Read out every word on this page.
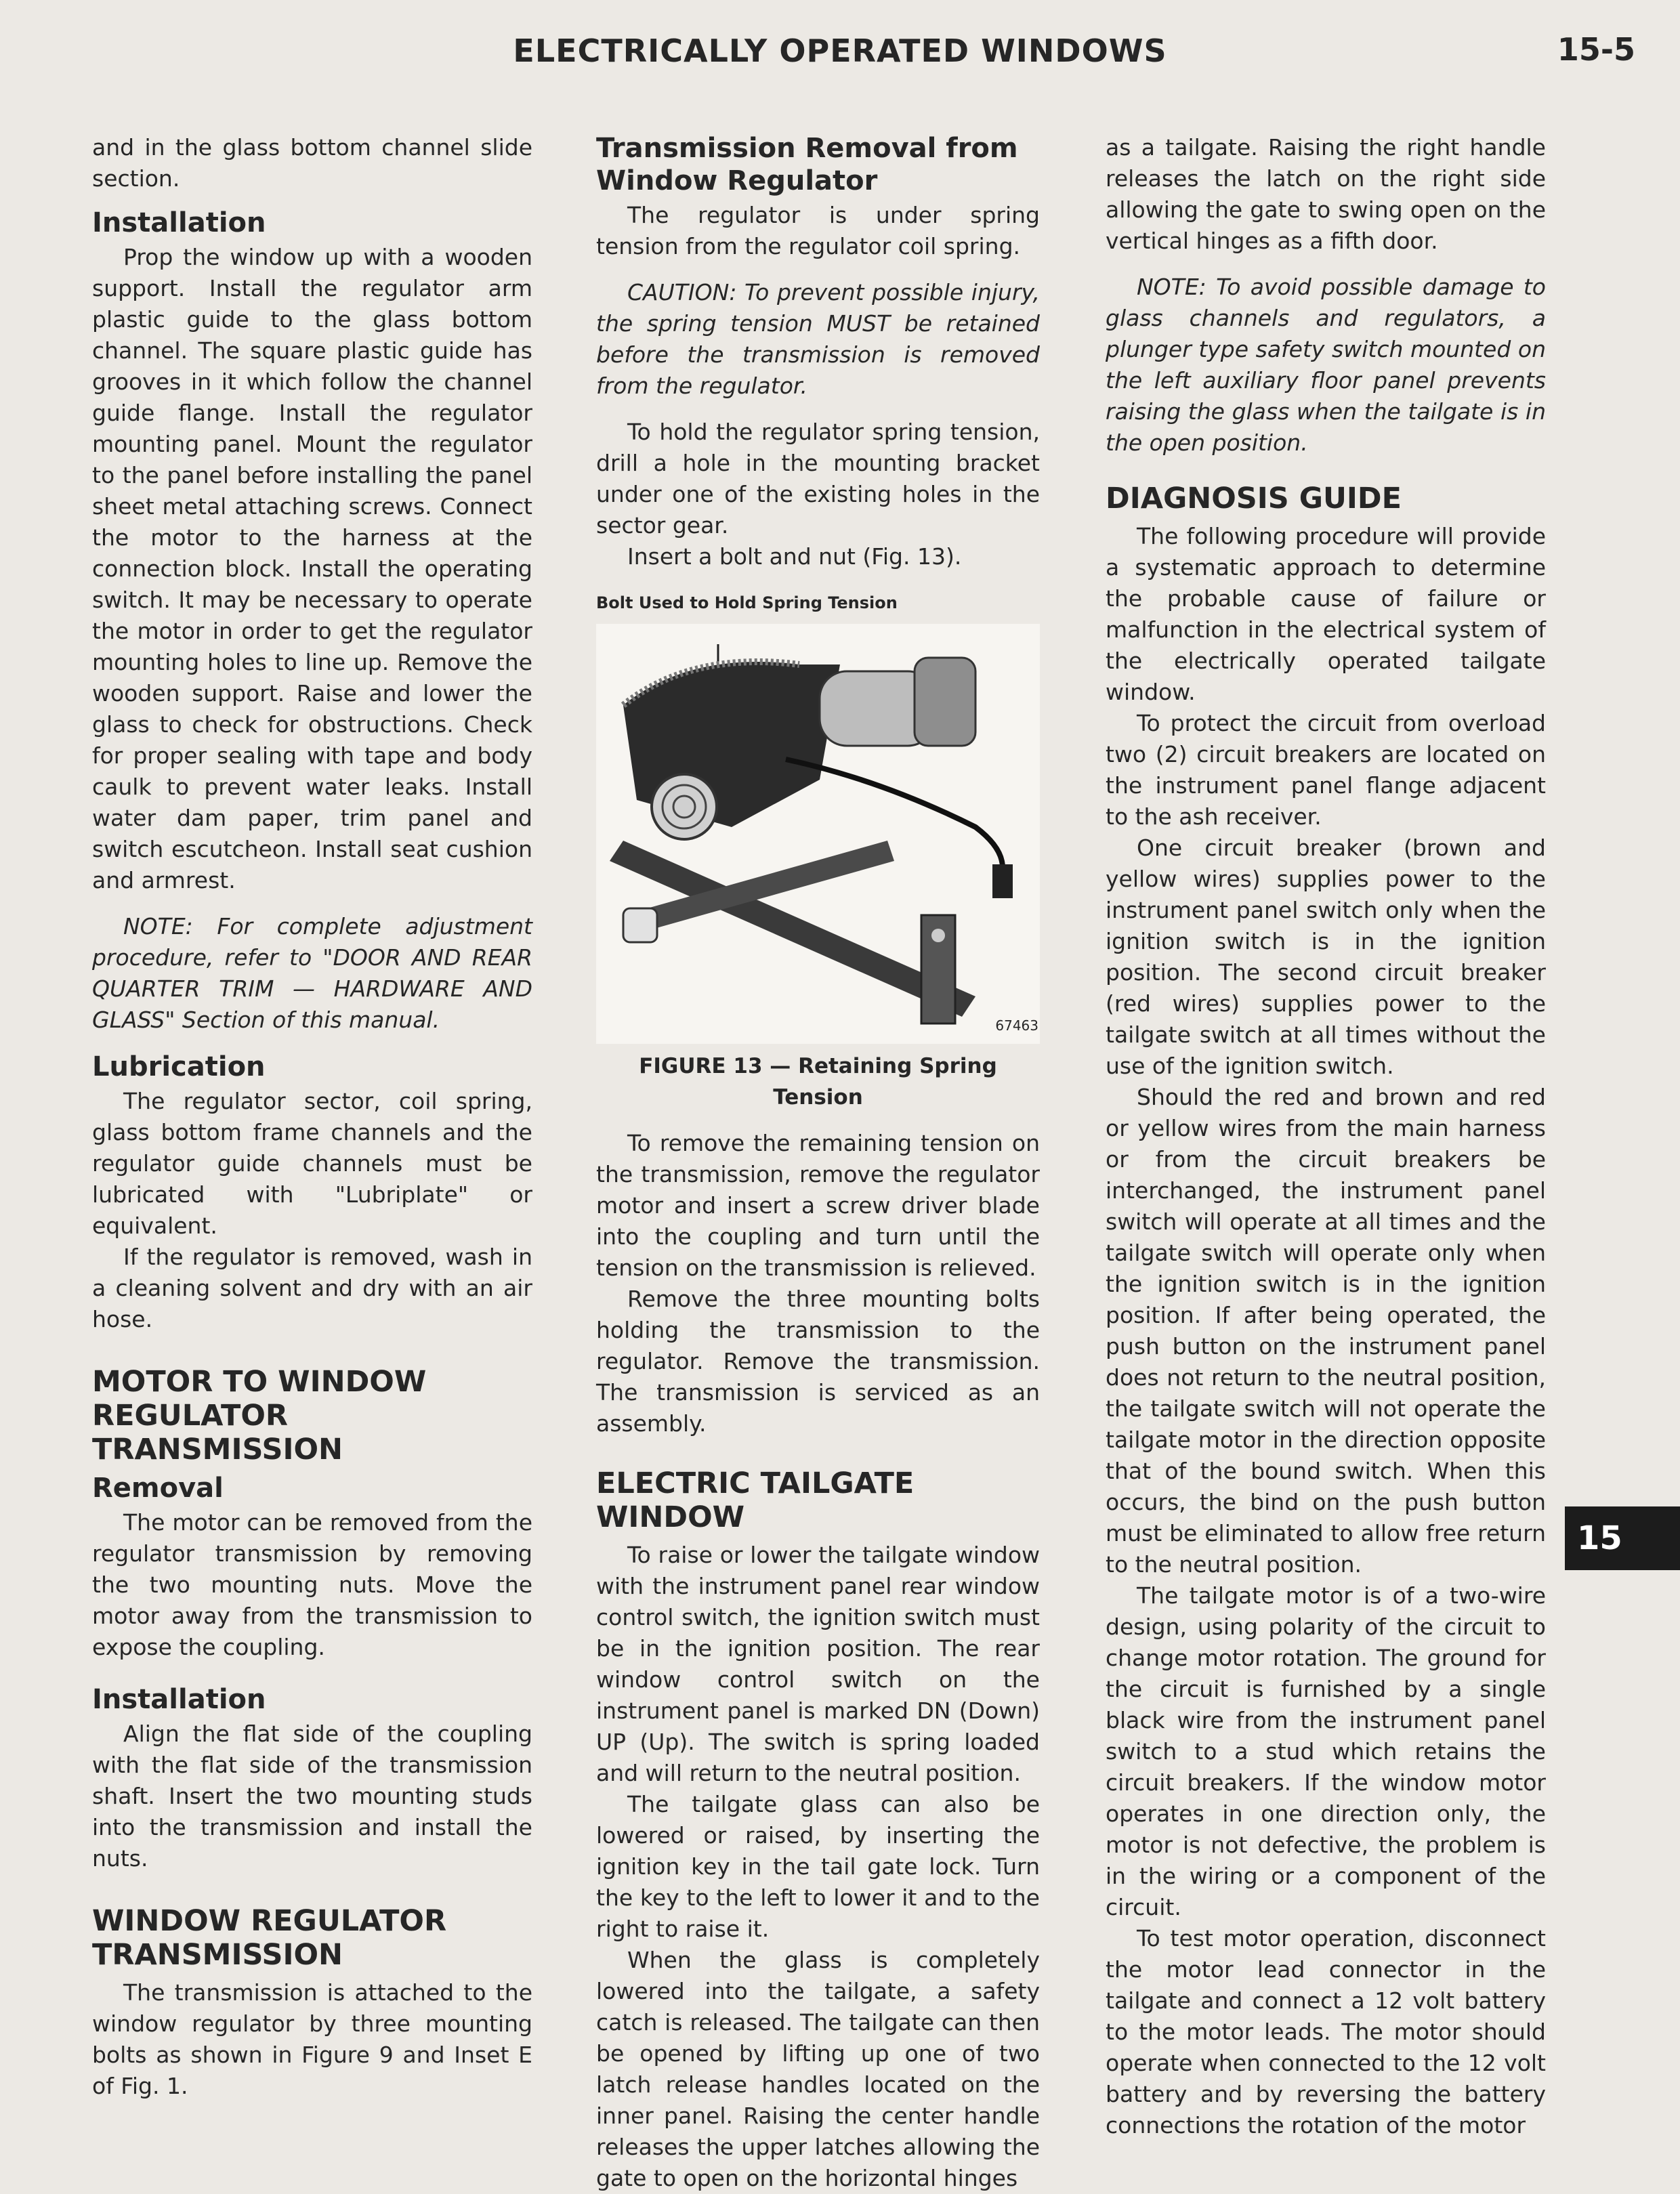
ELECTRICALLY OPERATED WINDOWS	15-5

and in the glass bottom channel slide section.

Installation

Prop the window up with a wooden support. Install the regulator arm plastic guide to the glass bottom channel. The square plastic guide has grooves in it which follow the channel guide flange. Install the regulator mounting panel. Mount the regulator to the panel before installing the panel sheet metal attaching screws. Connect the motor to the harness at the connection block. Install the operating switch. It may be necessary to operate the motor in order to get the regulator mounting holes to line up. Remove the wooden support. Raise and lower the glass to check for obstructions. Check for proper sealing with tape and body caulk to prevent water leaks. Install water dam paper, trim panel and switch escutcheon. Install seat cushion and armrest.

NOTE: For complete adjustment procedure, refer to "DOOR AND REAR QUARTER TRIM — HARDWARE AND GLASS" Section of this manual.

Lubrication

The regulator sector, coil spring, glass bottom frame channels and the regulator guide channels must be lubricated with "Lubriplate" or equivalent.

If the regulator is removed, wash in a cleaning solvent and dry with an air hose.

MOTOR TO WINDOW REGULATOR TRANSMISSION
Removal

The motor can be removed from the regulator transmission by removing the two mounting nuts. Move the motor away from the transmission to expose the coupling.

Installation

Align the flat side of the coupling with the flat side of the transmission shaft. Insert the two mounting studs into the transmission and install the nuts.

WINDOW REGULATOR TRANSMISSION

The transmission is attached to the window regulator by three mounting bolts as shown in Figure 9 and Inset E of Fig. 1.

Transmission Removal from Window Regulator

The regulator is under spring tension from the regulator coil spring.

CAUTION: To prevent possible injury, the spring tension MUST be retained before the transmission is removed from the regulator.

To hold the regulator spring tension, drill a hole in the mounting bracket under one of the existing holes in the sector gear.

Insert a bolt and nut (Fig. 13).

Bolt Used to Hold Spring Tension
67463
FIGURE 13 — Retaining Spring Tension

To remove the remaining tension on the transmission, remove the regulator motor and insert a screw driver blade into the coupling and turn until the tension on the transmission is relieved.

Remove the three mounting bolts holding the transmission to the regulator. Remove the transmission. The transmission is serviced as an assembly.

ELECTRIC TAILGATE WINDOW

To raise or lower the tailgate window with the instrument panel rear window control switch, the ignition switch must be in the ignition position. The rear window control switch on the instrument panel is marked DN (Down) UP (Up). The switch is spring loaded and will return to the neutral position.

The tailgate glass can also be lowered or raised, by inserting the ignition key in the tail gate lock. Turn the key to the left to lower it and to the right to raise it.

When the glass is completely lowered into the tailgate, a safety catch is released. The tailgate can then be opened by lifting up one of two latch release handles located on the inner panel. Raising the center handle releases the upper latches allowing the gate to open on the horizontal hinges

as a tailgate. Raising the right handle releases the latch on the right side allowing the gate to swing open on the vertical hinges as a fifth door.

NOTE: To avoid possible damage to glass channels and regulators, a plunger type safety switch mounted on the left auxiliary floor panel prevents raising the glass when the tailgate is in the open position.

DIAGNOSIS GUIDE

The following procedure will provide a systematic approach to determine the probable cause of failure or malfunction in the electrical system of the electrically operated tailgate window.

To protect the circuit from overload two (2) circuit breakers are located on the instrument panel flange adjacent to the ash receiver.

One circuit breaker (brown and yellow wires) supplies power to the instrument panel switch only when the ignition switch is in the ignition position. The second circuit breaker (red wires) supplies power to the tailgate switch at all times without the use of the ignition switch.

Should the red and brown and red or yellow wires from the main harness or from the circuit breakers be interchanged, the instrument panel switch will operate at all times and the tailgate switch will operate only when the ignition switch is in the ignition position. If after being operated, the push button on the instrument panel does not return to the neutral position, the tailgate switch will not operate the tailgate motor in the direction opposite that of the bound switch. When this occurs, the bind on the push button must be eliminated to allow free return to the neutral position.

The tailgate motor is of a two-wire design, using polarity of the circuit to change motor rotation. The ground for the circuit is furnished by a single black wire from the instrument panel switch to a stud which retains the circuit breakers. If the window motor operates in one direction only, the motor is not defective, the problem is in the wiring or a component of the circuit.

To test motor operation, disconnect the motor lead connector in the tailgate and connect a 12 volt battery to the motor leads. The motor should operate when connected to the 12 volt battery and by reversing the battery connections the rotation of the motor

15
